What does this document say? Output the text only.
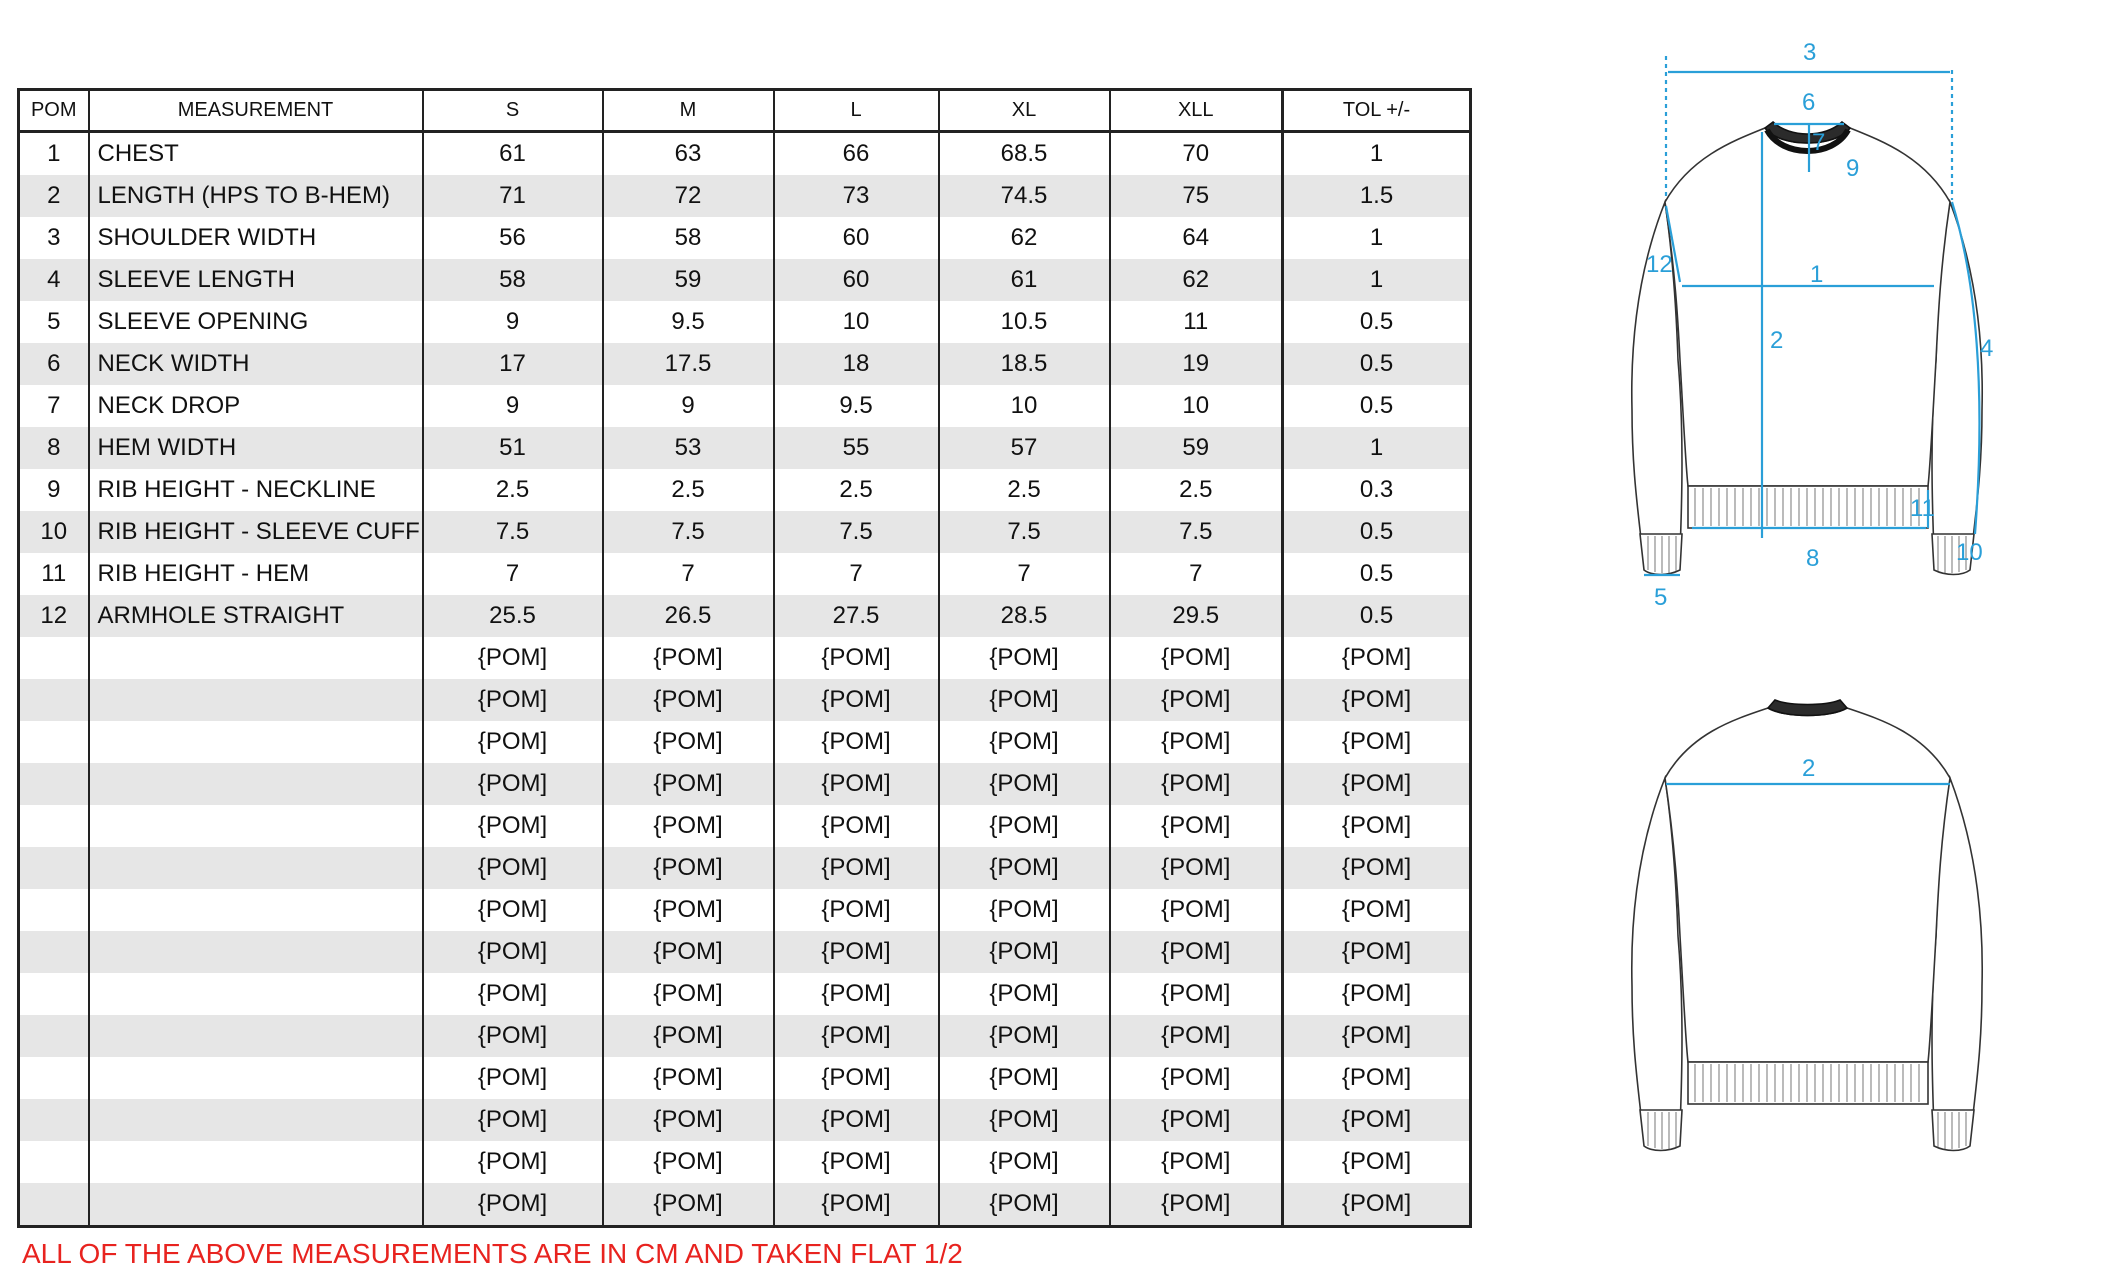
POM	MEASUREMENT	S	M	L	XL	XLL	TOL +/-
1	CHEST	61	63	66	68.5	70	1
2	LENGTH (HPS TO B-HEM)	71	72	73	74.5	75	1.5
3	SHOULDER WIDTH	56	58	60	62	64	1
4	SLEEVE LENGTH	58	59	60	61	62	1
5	SLEEVE OPENING	9	9.5	10	10.5	11	0.5
6	NECK WIDTH	17	17.5	18	18.5	19	0.5
7	NECK DROP	9	9	9.5	10	10	0.5
8	HEM WIDTH	51	53	55	57	59	1
9	RIB HEIGHT - NECKLINE	2.5	2.5	2.5	2.5	2.5	0.3
10	RIB HEIGHT - SLEEVE CUFF	7.5	7.5	7.5	7.5	7.5	0.5
11	RIB HEIGHT - HEM	7	7	7	7	7	0.5
12	ARMHOLE STRAIGHT	25.5	26.5	27.5	28.5	29.5	0.5
		{POM]	{POM]	{POM]	{POM]	{POM]	{POM]
		{POM]	{POM]	{POM]	{POM]	{POM]	{POM]
		{POM]	{POM]	{POM]	{POM]	{POM]	{POM]
		{POM]	{POM]	{POM]	{POM]	{POM]	{POM]
		{POM]	{POM]	{POM]	{POM]	{POM]	{POM]
		{POM]	{POM]	{POM]	{POM]	{POM]	{POM]
		{POM]	{POM]	{POM]	{POM]	{POM]	{POM]
		{POM]	{POM]	{POM]	{POM]	{POM]	{POM]
		{POM]	{POM]	{POM]	{POM]	{POM]	{POM]
		{POM]	{POM]	{POM]	{POM]	{POM]	{POM]
		{POM]	{POM]	{POM]	{POM]	{POM]	{POM]
		{POM]	{POM]	{POM]	{POM]	{POM]	{POM]
		{POM]	{POM]	{POM]	{POM]	{POM]	{POM]
		{POM]	{POM]	{POM]	{POM]	{POM]	{POM]
ALL OF THE ABOVE MEASUREMENTS ARE IN CM AND TAKEN FLAT 1/2
3
6
7
9
1
2	4
12
11
8	10
5
2
